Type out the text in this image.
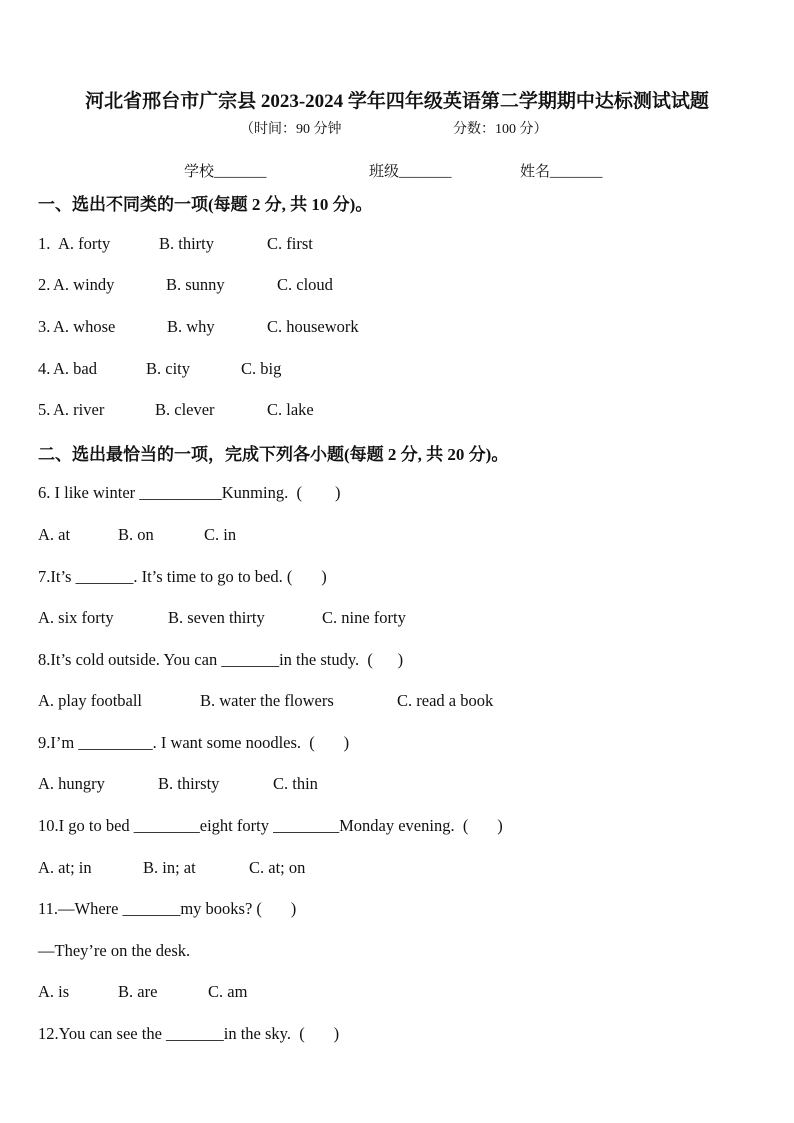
河北省邢台市广宗县 2023-2024 学年四年级英语第二学期期中达标测试试题
（时间：90 分钟	分数：100 分）
学校_______	班级_______	姓名_______
一、选出不同类的一项(每题 2 分, 共 10 分)。
1. A. forty	B. thirty	C. first
2. A. windy	B. sunny	C. cloud
3. A. whose	B. why	C. housework
4. A. bad	B. city	C. big
5. A. river	B. clever	C. lake
二、选出最恰当的一项，完成下列各小题(每题 2 分, 共 20 分)。
6. I like winter __________Kunming.  (        )
A. at	B. on	C. in
7.It’s _______. It’s time to go to bed. (       )
A. six forty	B. seven thirty	C. nine forty
8.It’s cold outside. You can _______in the study.  (      )
A. play football	B. water the flowers	C. read a book
9.I’m _________. I want some noodles.  (       )
A. hungry	B. thirsty	C. thin
10.I go to bed ________eight forty ________Monday evening.  (       )
A. at; in	B. in; at	C. at; on
11.—Where _______my books? (       )
—They’re on the desk.
A. is	B. are	C. am
12.You can see the _______in the sky.  (       )
